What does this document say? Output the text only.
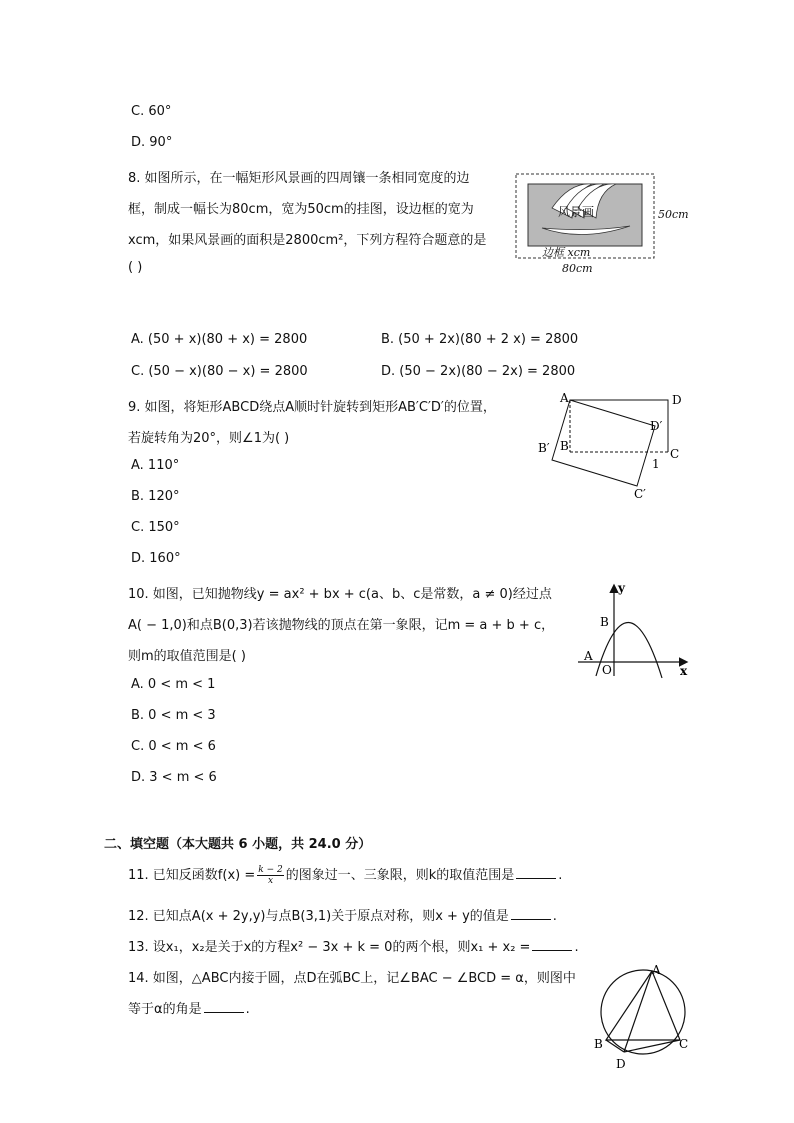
C. 60°
D. 90°
8. 如图所示，在一幅矩形风景画的四周镶一条相同宽度的边
框，制成一幅长为80cm，宽为50cm的挂图，设边框的宽为
xcm，如果风景画的面积是2800cm²，下列方程符合题意的是
( )
风景画
边框 xcm
50cm
80cm
A. (50 + x)(80 + x) = 2800	B. (50 + 2x)(80 + 2 x) = 2800
C. (50 − x)(80 − x) = 2800	D. (50 − 2x)(80 − 2x) = 2800
9. 如图，将矩形ABCD绕点A顺时针旋转到矩形AB′C′D′的位置，
若旋转角为20°，则∠1为( )
A. 110°
B. 120°
C. 150°
D. 160°
A	D
D′
B
B′	C
1
C′
10. 如图，已知抛物线y = ax² + bx + c(a、b、c是常数，a ≠ 0)经过点
A( − 1,0)和点B(0,3)若该抛物线的顶点在第一象限，记m = a + b + c，
则m的取值范围是( )
A. 0 < m < 1
B. 0 < m < 3
C. 0 < m < 6
D. 3 < m < 6
y
x
B
A
O
二、填空题（本大题共 6 小题，共 24.0 分）
11. 已知反函数$f(x) = \frac{k - 2}{x}$ 的图象过一、三象限，则k的取值范围是	.
12. 已知点A(x + 2y,y)与点B(3,1)关于原点对称，则x + y的值是	.
13. 设x₁，x₂是关于x的方程x² − 3x + k = 0的两个根，则x₁ + x₂ =	.
14. 如图，△ABC内接于圆，点D在弧BC上，记∠BAC − ∠BCD = α，则图中
等于α的角是	.
A
B	C
D
